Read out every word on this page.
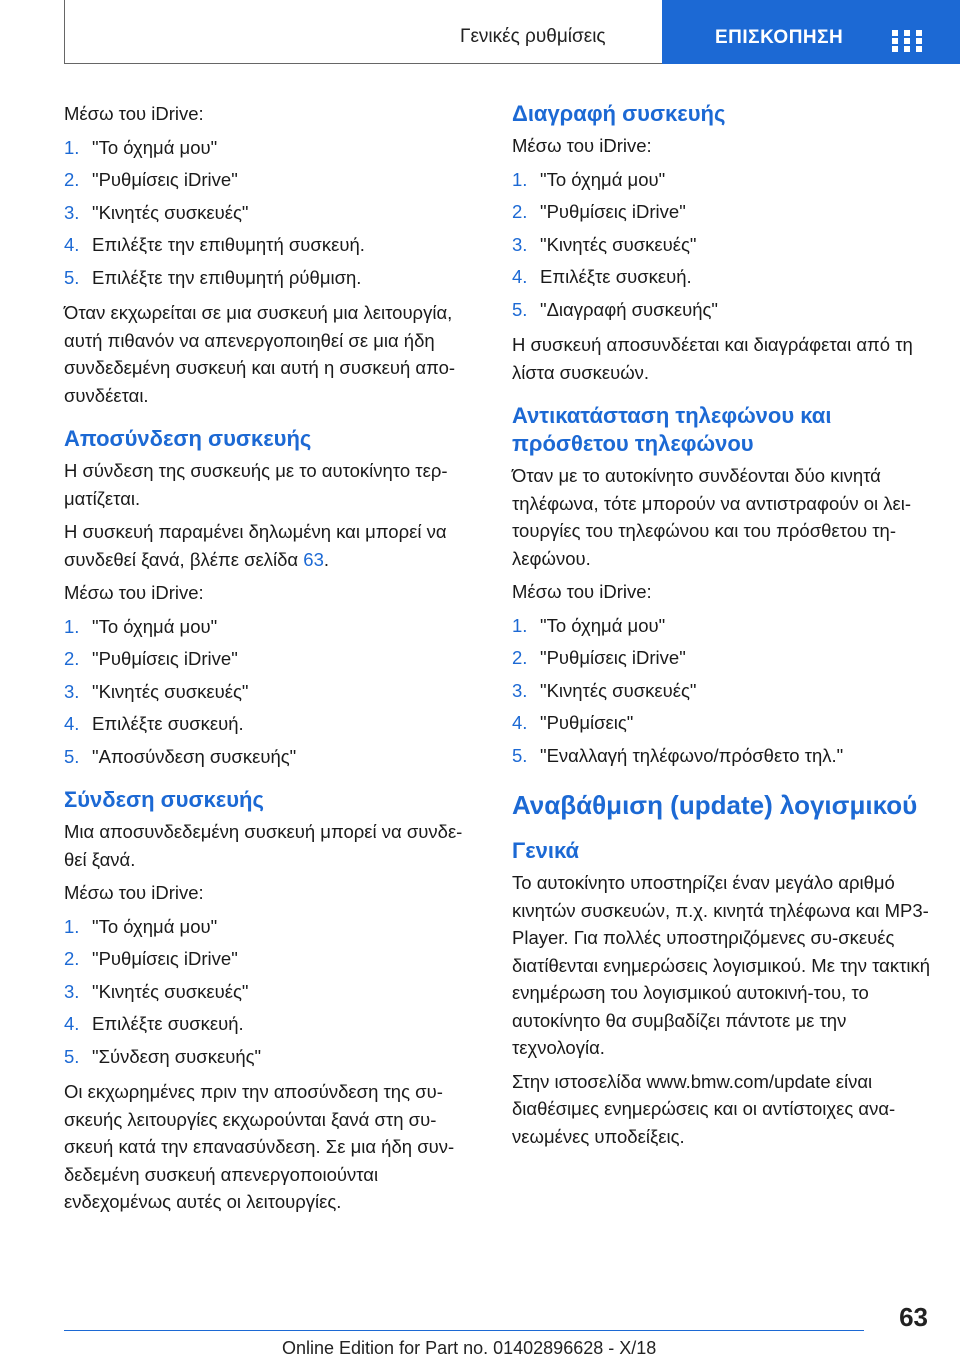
Γενικές ρυθμίσεις	ΕΠΙΣΚΟΠΗΣΗ

Μέσω του iDrive:

1. "Το όχημά μου"
2. "Ρυθμίσεις iDrive"
3. "Κινητές συσκευές"
4. Επιλέξτε την επιθυμητή συσκευή.
5. Επιλέξτε την επιθυμητή ρύθμιση.

Όταν εκχωρείται σε μια συσκευή μια λειτουργία, αυτή πιθανόν να απενεργοποιηθεί σε μια ήδη συνδεδεμένη συσκευή και αυτή η συσκευή απο-συνδέεται.

Αποσύνδεση συσκευής

Η σύνδεση της συσκευής με το αυτοκίνητο τερ-ματίζεται.

Η συσκευή παραμένει δηλωμένη και μπορεί να συνδεθεί ξανά, βλέπε σελίδα 63.

Μέσω του iDrive:

1. "Το όχημά μου"
2. "Ρυθμίσεις iDrive"
3. "Κινητές συσκευές"
4. Επιλέξτε συσκευή.
5. "Αποσύνδεση συσκευής"
Σύνδεση συσκευής

Μια αποσυνδεδεμένη συσκευή μπορεί να συνδε-θεί ξανά.

Μέσω του iDrive:

1. "Το όχημά μου"
2. "Ρυθμίσεις iDrive"
3. "Κινητές συσκευές"
4. Επιλέξτε συσκευή.
5. "Σύνδεση συσκευής"

Οι εκχωρημένες πριν την αποσύνδεση της συ-σκευής λειτουργίες εκχωρούνται ξανά στη συ-σκευή κατά την επανασύνδεση. Σε μια ήδη συν-δεδεμένη συσκευή απενεργοποιούνται ενδεχομένως αυτές οι λειτουργίες.

Διαγραφή συσκευής

Μέσω του iDrive:

1. "Το όχημά μου"
2. "Ρυθμίσεις iDrive"
3. "Κινητές συσκευές"
4. Επιλέξτε συσκευή.
5. "Διαγραφή συσκευής"

Η συσκευή αποσυνδέεται και διαγράφεται από τη λίστα συσκευών.

Αντικατάσταση τηλεφώνου και πρόσθετου τηλεφώνου

Όταν με το αυτοκίνητο συνδέονται δύο κινητά τηλέφωνα, τότε μπορούν να αντιστραφούν οι λει-τουργίες του τηλεφώνου και του πρόσθετου τη-λεφώνου.

Μέσω του iDrive:

1. "Το όχημά μου"
2. "Ρυθμίσεις iDrive"
3. "Κινητές συσκευές"
4. "Ρυθμίσεις"
5. "Εναλλαγή τηλέφωνο/πρόσθετο τηλ."
Αναβάθμιση (update) λογισμικού
Γενικά

Το αυτοκίνητο υποστηρίζει έναν μεγάλο αριθμό κινητών συσκευών, π.χ. κινητά τηλέφωνα και MP3-Player. Για πολλές υποστηριζόμενες συ-σκευές διατίθενται ενημερώσεις λογισμικού. Με την τακτική ενημέρωση του λογισμικού αυτοκινή-του, το αυτοκίνητο θα συμβαδίζει πάντοτε με την τεχνολογία.

Στην ιστοσελίδα www.bmw.com/update είναι διαθέσιμες ενημερώσεις και οι αντίστοιχες ανα-νεωμένες υποδείξεις.

63
Online Edition for Part no. 01402896628 - X/18
